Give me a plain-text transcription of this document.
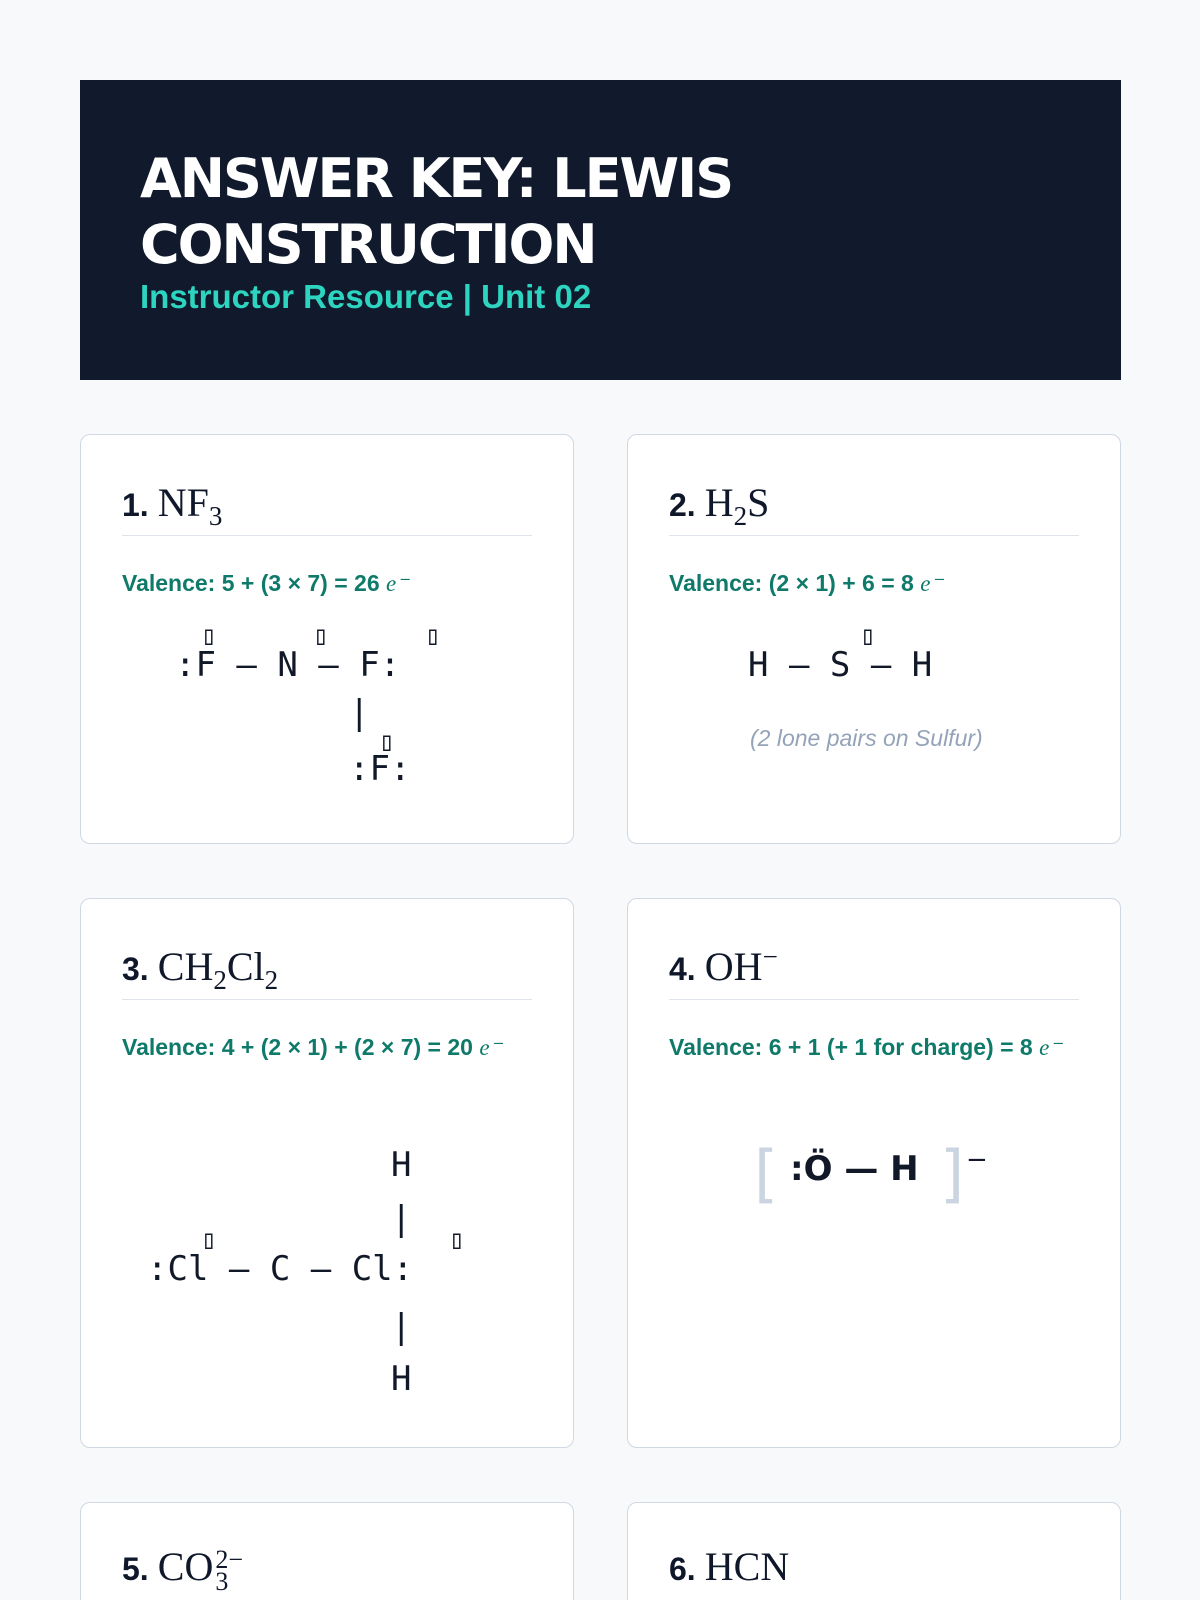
ANSWER KEY: LEWIS CONSTRUCTION
Instructor Resource | Unit 02
1. $NF_3$
Valence: 5 + (3 × 7) = 26 e⁻
:F — N — F:
▯	▯	▯
|
▯
:F:
2. $H_2S$
Valence: (2 × 1) + 6 = 8 e⁻
▯
H — S — H
(2 lone pairs on Sulfur)
3. $CH_2Cl_2$
Valence: 4 + (2 × 1) + (2 × 7) = 20 e⁻
H
|
▯	▯
:Cl — C — Cl:
|
H
4. OH−
Valence: 6 + 1 (+ 1 for charge) = 8 e⁻
[ :Ö — H ] −
5. CO 2−
3	6. HCN
